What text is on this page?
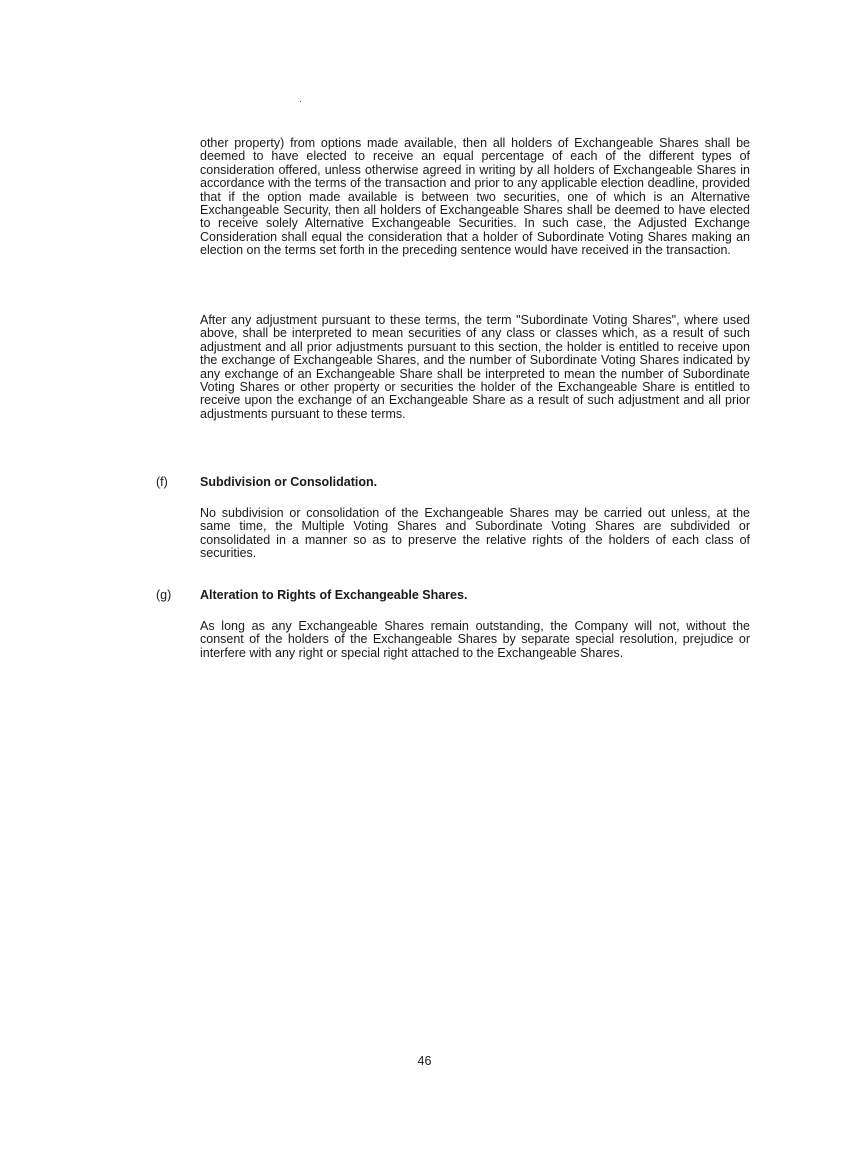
other property) from options made available, then all holders of Exchangeable Shares shall be deemed to have elected to receive an equal percentage of each of the different types of consideration offered, unless otherwise agreed in writing by all holders of Exchangeable Shares in accordance with the terms of the transaction and prior to any applicable election deadline, provided that if the option made available is between two securities, one of which is an Alternative Exchangeable Security, then all holders of Exchangeable Shares shall be deemed to have elected to receive solely Alternative Exchangeable Securities. In such case, the Adjusted Exchange Consideration shall equal the consideration that a holder of Subordinate Voting Shares making an election on the terms set forth in the preceding sentence would have received in the transaction.

After any adjustment pursuant to these terms, the term "Subordinate Voting Shares", where used above, shall be interpreted to mean securities of any class or classes which, as a result of such adjustment and all prior adjustments pursuant to this section, the holder is entitled to receive upon the exchange of Exchangeable Shares, and the number of Subordinate Voting Shares indicated by any exchange of an Exchangeable Share shall be interpreted to mean the number of Subordinate Voting Shares or other property or securities the holder of the Exchangeable Share is entitled to receive upon the exchange of an Exchangeable Share as a result of such adjustment and all prior adjustments pursuant to these terms.

(f)	Subdivision or Consolidation.

No subdivision or consolidation of the Exchangeable Shares may be carried out unless, at the same time, the Multiple Voting Shares and Subordinate Voting Shares are subdivided or consolidated in a manner so as to preserve the relative rights of the holders of each class of securities.

(g) Alteration to Rights of Exchangeable Shares.

As long as any Exchangeable Shares remain outstanding, the Company will not, without the consent of the holders of the Exchangeable Shares by separate special resolution, prejudice or interfere with any right or special right attached to the Exchangeable Shares.

46
